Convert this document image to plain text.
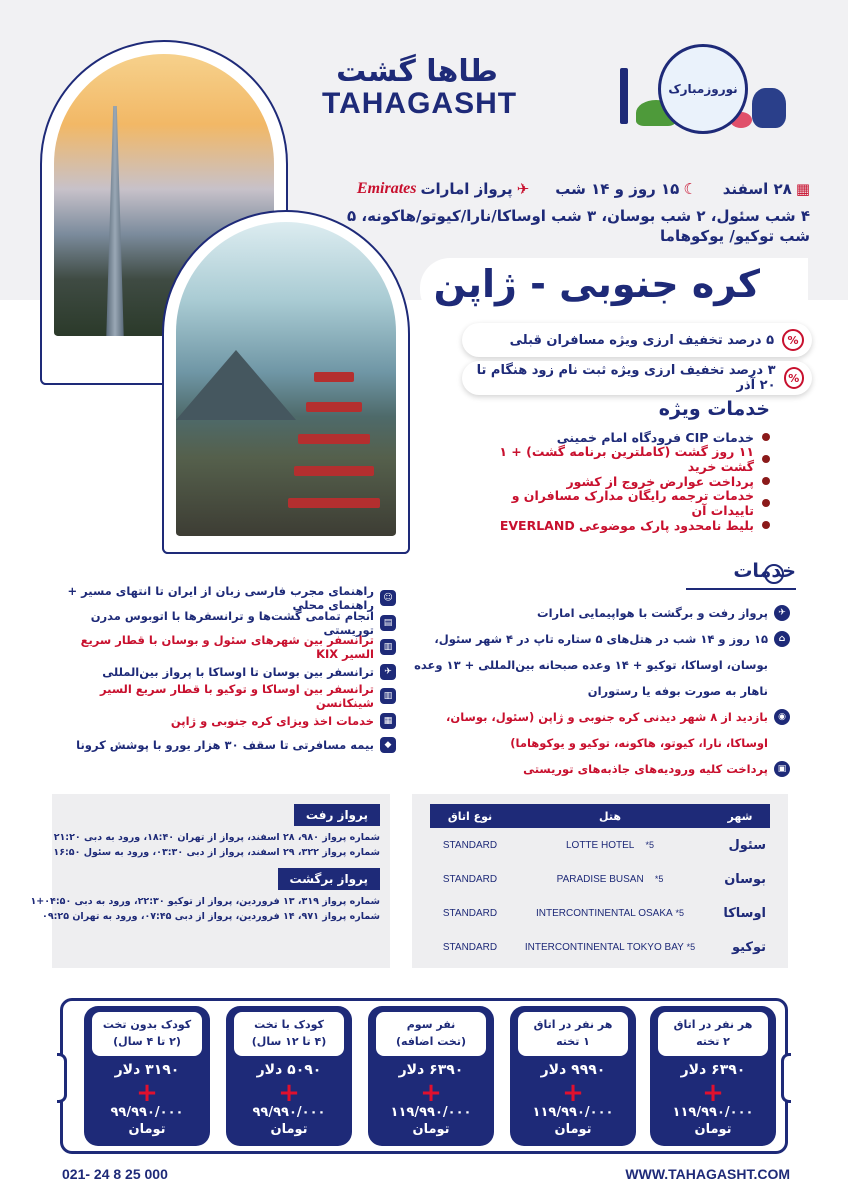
طاها گشت
TAHAGASHT	نوروزمبارک
▦
۲۸ اسفند
☾
۱۵ روز و ۱۴ شب
✈
پرواز امارات
Emirates
۴ شب سئول، ۲ شب بوسان، ۳ شب اوساکا/نارا/کیوتو/هاکونه، ۵ شب توکیو/ یوکوهاما
کره جنوبی - ژاپن
%
۵ درصد تخفیف ارزی ویژه مسافران قبلی
%
۳ درصد تخفیف ارزی ویژه ثبت نام زود هنگام تا ۲۰ آذر
خدمات ویژه
خدمات CIP فرودگاه امام خمینی
۱۱ روز گشت (کاملترین برنامه گشت) + ۱ گشت خرید
پرداخت عوارض خروج از کشور
خدمات ترجمه رایگان مدارک مسافران و تاییدات آن
بلیط نامحدود پارک موضوعی EVERLAND
خدمات
✈
پرواز رفت و برگشت با هواپیمایی امارات
⌂
۱۵ روز و ۱۴ شب در هتل‌های ۵ ستاره تاپ در ۴ شهر سئول، بوسان، اوساکا، توکیو + ۱۴ وعده صبحانه بین‌المللی + ۱۳ وعده ناهار به صورت بوفه یا رستوران
◉
بازدید از ۸ شهر دیدنی کره جنوبی و ژاپن (سئول، بوسان، اوساکا، نارا، کیوتو، هاکونه، توکیو و یوکوهاما)
▣
پرداخت کلیه ورودیه‌های جاذبه‌های توریستی
☺
راهنمای مجرب فارسی زبان از ایران تا انتهای مسیر + راهنمای محلی
▤
انجام تمامی گشت‌ها و ترانسفرها با اتوبوس مدرن توریستی
▥
ترانسفر بین شهرهای سئول و بوسان با قطار سریع السیر KIX
✈
ترانسفر بین بوسان تا اوساکا با پرواز بین‌المللی
▥
ترانسفر بین اوساکا و توکیو با قطار سریع السیر شینکانسن
▦
خدمات اخذ ویزای کره جنوبی و ژاپن
◆
بیمه مسافرتی تا سقف ۳۰ هزار یورو با پوشش کرونا
پرواز رفت
شماره پرواز ۹۸۰، ۲۸ اسفند، پرواز از تهران ۱۸:۴۰، ورود به دبی ۲۱:۲۰
شماره پرواز ۳۲۲، ۲۹ اسفند، پرواز از دبی ۰۳:۳۰، ورود به سئول ۱۶:۵۰
پرواز برگشت
شماره پرواز ۳۱۹، ۱۳ فروردین، پرواز از توکیو ۲۲:۳۰، ورود به دبی ۰۴:۵۰+۱
شماره پرواز ۹۷۱، ۱۴ فروردین، پرواز از دبی ۰۷:۴۵، ورود به تهران ۰۹:۲۵
شهر	هتل	نوع اتاق
سئول	5*    LOTTE HOTEL	STANDARD
بوسان	5*    PARADISE BUSAN	STANDARD
اوساکا	5* INTERCONTINENTAL OSAKA	STANDARD
توکیو	5* INTERCONTINENTAL TOKYO BAY	STANDARD
هر نفر در اتاق
۲ تخته
۶۳۹۰ دلار
+
۱۱۹/۹۹۰/۰۰۰
تومان
هر نفر در اتاق
۱ تخته
۹۹۹۰ دلار
+
۱۱۹/۹۹۰/۰۰۰
تومان
نفر سوم
(تخت اضافه)
۶۳۹۰ دلار
+
۱۱۹/۹۹۰/۰۰۰
تومان
کودک با تخت
(۴ تا ۱۲ سال)
۵۰۹۰ دلار
+
۹۹/۹۹۰/۰۰۰
تومان
کودک بدون تخت
(۲ تا ۴ سال)
۳۱۹۰ دلار
+
۹۹/۹۹۰/۰۰۰
تومان
021- 24 8 25 000	WWW.TAHAGASHT.COM
